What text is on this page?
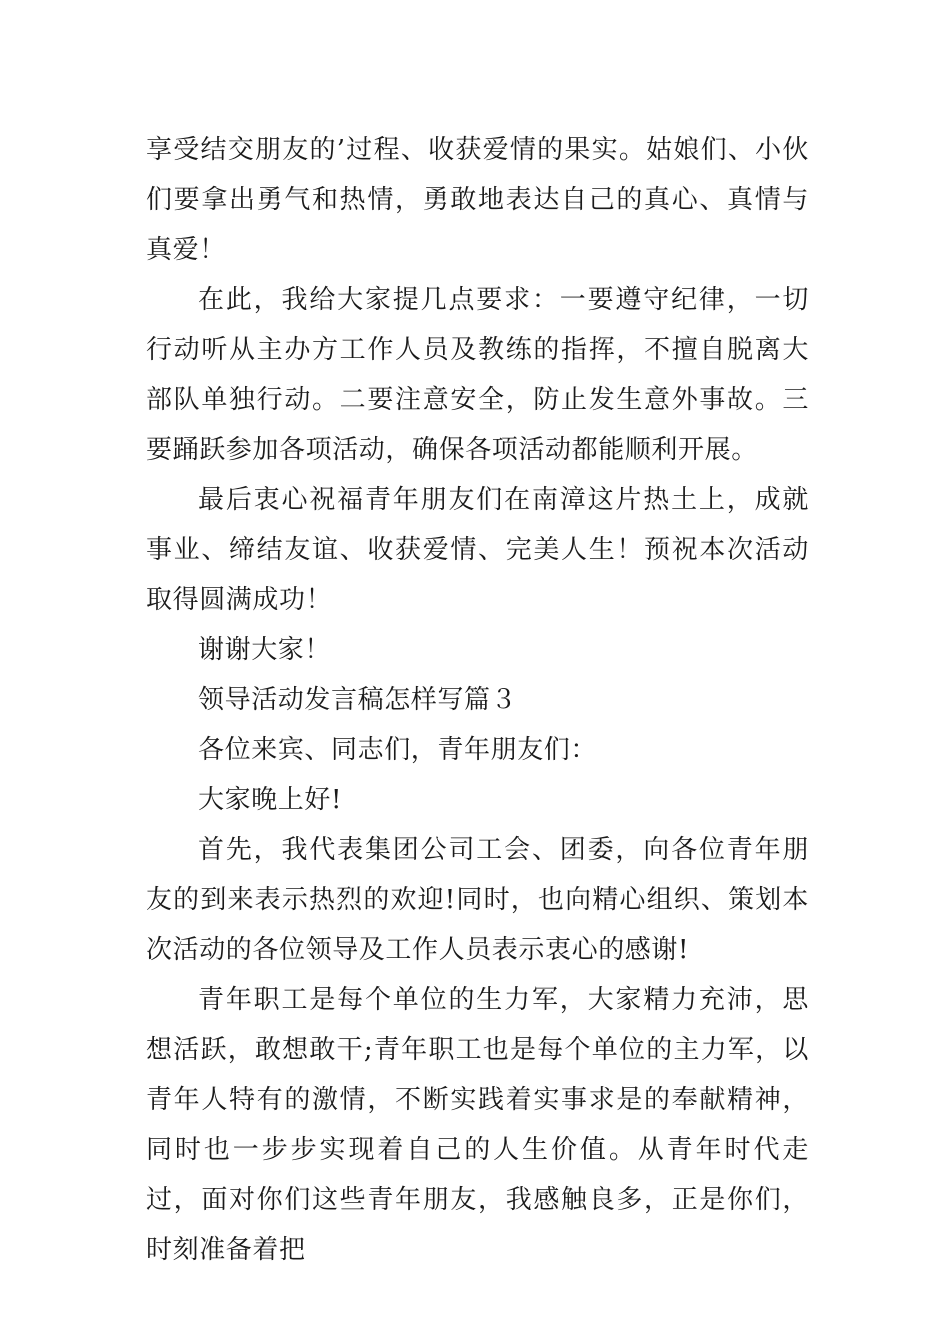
享受结交朋友的’过程、收获爱情的果实。姑娘们、小伙们要拿出勇气和热情，勇敢地表达自己的真心、真情与真爱！

在此，我给大家提几点要求：一要遵守纪律，一切行动听从主办方工作人员及教练的指挥，不擅自脱离大部队单独行动。二要注意安全，防止发生意外事故。三要踊跃参加各项活动，确保各项活动都能顺利开展。

最后衷心祝福青年朋友们在南漳这片热土上，成就事业、缔结友谊、收获爱情、完美人生！预祝本次活动取得圆满成功！

谢谢大家！

领导活动发言稿怎样写篇３

各位来宾、同志们，青年朋友们：

大家晚上好!

首先，我代表集团公司工会、团委，向各位青年朋友的到来表示热烈的欢迎!同时，也向精心组织、策划本次活动的各位领导及工作人员表示衷心的感谢!

青年职工是每个单位的生力军，大家精力充沛，思想活跃，敢想敢干;青年职工也是每个单位的主力军，以青年人特有的激情，不断实践着实事求是的奉献精神，同时也一步步实现着自己的人生价值。从青年时代走过，面对你们这些青年朋友，我感触良多，正是你们，时刻准备着把
